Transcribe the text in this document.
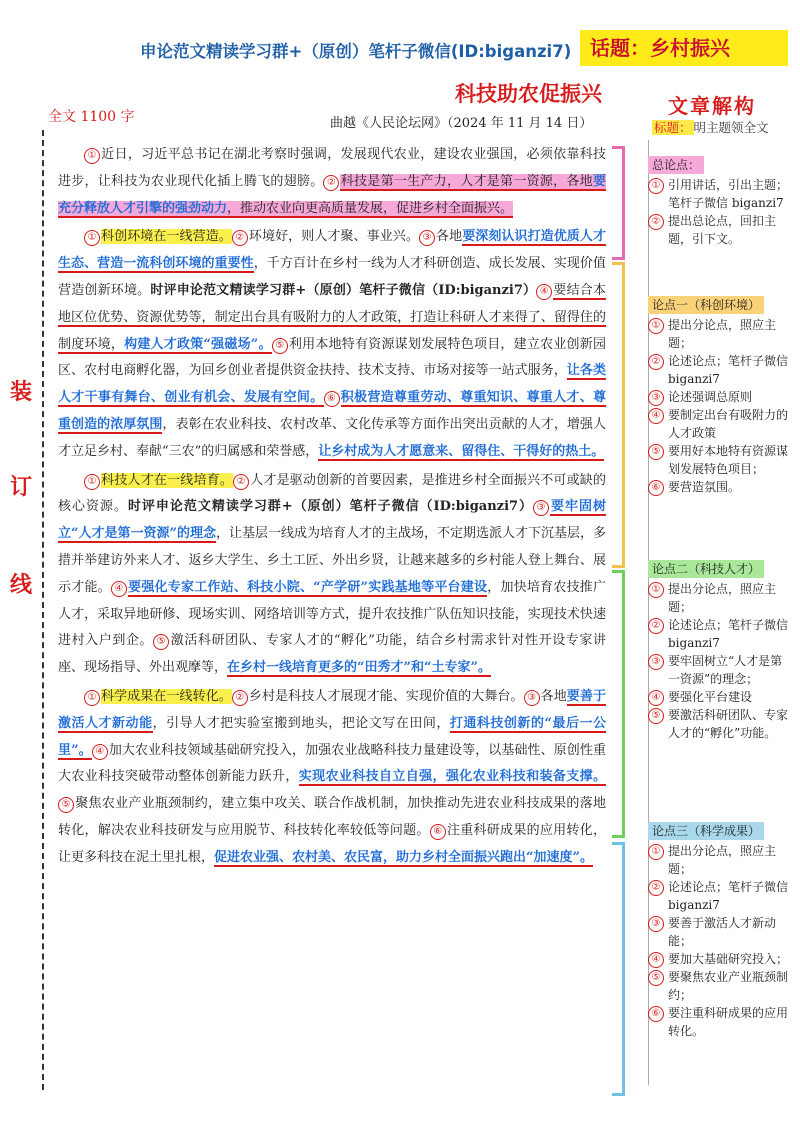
申论范文精读学习群+（原创）笔杆子微信(ID:biganzi7) 话题：乡村振兴
科技助农促振兴
曲越《人民论坛网》（2024 年 11 月 14 日）
全文 1100 字
装
订
线

① 近日，习近平总书记在湖北考察时强调，发展现代农业，建设农业强国，必须依靠科技进步，让科技为农业现代化插上腾飞的翅膀。 ② 科技是第一生产力，人才是第一资源，各地要充分释放人才引擎的强劲动力，推动农业向更高质量发展，促进乡村全面振兴。

① 科创环境在一线营造。 ② 环境好，则人才聚、事业兴。 ③ 各地要深刻认识打造优质人才生态、营造一流科创环境的重要性，千方百计在乡村一线为人才科研创造、成长发展、实现价值营造创新环境。时评申论范文精读学习群+（原创）笔杆子微信（ID:biganzi7） ④ 要结合本地区位优势、资源优势等，制定出台具有吸附力的人才政策，打造让科研人才来得了、留得住的制度环境，构建人才政策“强磁场”。 ⑤ 利用本地特有资源谋划发展特色项目，建立农业创新园区、农村电商孵化器，为回乡创业者提供资金扶持、技术支持、市场对接等一站式服务，让各类人才干事有舞台、创业有机会、发展有空间。 ⑥ 积极营造尊重劳动、尊重知识、尊重人才、尊重创造的浓厚氛围，表彰在农业科技、农村改革、文化传承等方面作出突出贡献的人才，增强人才立足乡村、奉献“三农”的归属感和荣誉感，让乡村成为人才愿意来、留得住、干得好的热土。

① 科技人才在一线培育。 ② 人才是驱动创新的首要因素，是推进乡村全面振兴不可或缺的核心资源。时评申论范文精读学习群+（原创）笔杆子微信（ID:biganzi7） ③ 要牢固树立“人才是第一资源”的理念，让基层一线成为培育人才的主战场，不定期选派人才下沉基层，多措并举建访外来人才、返乡大学生、乡土工匠、外出乡贤，让越来越多的乡村能人登上舞台、展示才能。 ④ 要强化专家工作站、科技小院、“产学研”实践基地等平台建设，加快培育农技推广人才，采取异地研修、现场实训、网络培训等方式，提升农技推广队伍知识技能，实现技术快速进村入户到企。 ⑤ 激活科研团队、专家人才的“孵化”功能，结合乡村需求针对性开设专家讲座、现场指导、外出观摩等，在乡村一线培育更多的“田秀才”和“土专家”。

① 科学成果在一线转化。 ② 乡村是科技人才展现才能、实现价值的大舞台。 ③ 各地要善于激活人才新动能，引导人才把实验室搬到地头，把论文写在田间，打通科技创新的“最后一公里”。 ④ 加大农业科技领域基础研究投入，加强农业战略科技力量建设等，以基础性、原创性重大农业科技突破带动整体创新能力跃升，实现农业科技自立自强，强化农业科技和装备支撑。⑤ 聚焦农业产业瓶颈制约，建立集中攻关、联合作战机制，加快推动先进农业科技成果的落地转化，解决农业科技研发与应用脱节、科技转化率较低等问题。 ⑥ 注重科研成果的应用转化，让更多科技在泥土里扎根，促进农业强、农村美、农民富，助力乡村全面振兴跑出“加速度”。

文章解构
标题： 明主题领全文
总论点：
① 引用讲话，引出主题；笔杆子微信 biganzi7
② 提出总论点，回扣主题，引下文。
论点一（科创环境）
① 提出分论点，照应主题；
② 论述论点；笔杆子微信 biganzi7
③ 论述强调总原则
④ 要制定出台有吸附力的人才政策
⑤ 要用好本地特有资源谋划发展特色项目；
⑥ 要营造氛围。
论点二（科技人才）
① 提出分论点，照应主题；
② 论述论点；笔杆子微信 biganzi7
③ 要牢固树立“人才是第一资源”的理念；
④ 要强化平台建设
⑤ 要激活科研团队、专家人才的“孵化”功能。
论点三（科学成果）
① 提出分论点，照应主题；
② 论述论点；笔杆子微信 biganzi7
③ 要善于激活人才新动能；
④ 要加大基础研究投入；
⑤ 要聚焦农业产业瓶颈制约；
⑥ 要注重科研成果的应用转化。
